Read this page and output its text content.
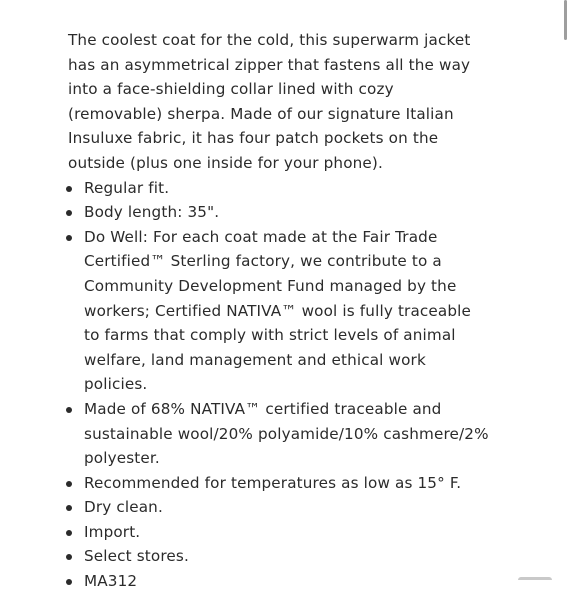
The coolest coat for the cold, this superwarm jacket
has an asymmetrical zipper that fastens all the way
into a face-shielding collar lined with cozy
(removable) sherpa. Made of our signature Italian
Insuluxe fabric, it has four patch pockets on the
outside (plus one inside for your phone).

Regular fit.
Body length: 35".
Do Well: For each coat made at the Fair Trade
Certified™ Sterling factory, we contribute to a
Community Development Fund managed by the
workers; Certified NATIVA™ wool is fully traceable
to farms that comply with strict levels of animal
welfare, land management and ethical work
policies.
Made of 68% NATIVA™ certified traceable and
sustainable wool/20% polyamide/10% cashmere/2%
polyester.
Recommended for temperatures as low as 15° F.
Dry clean.
Import.
Select stores.
MA312
